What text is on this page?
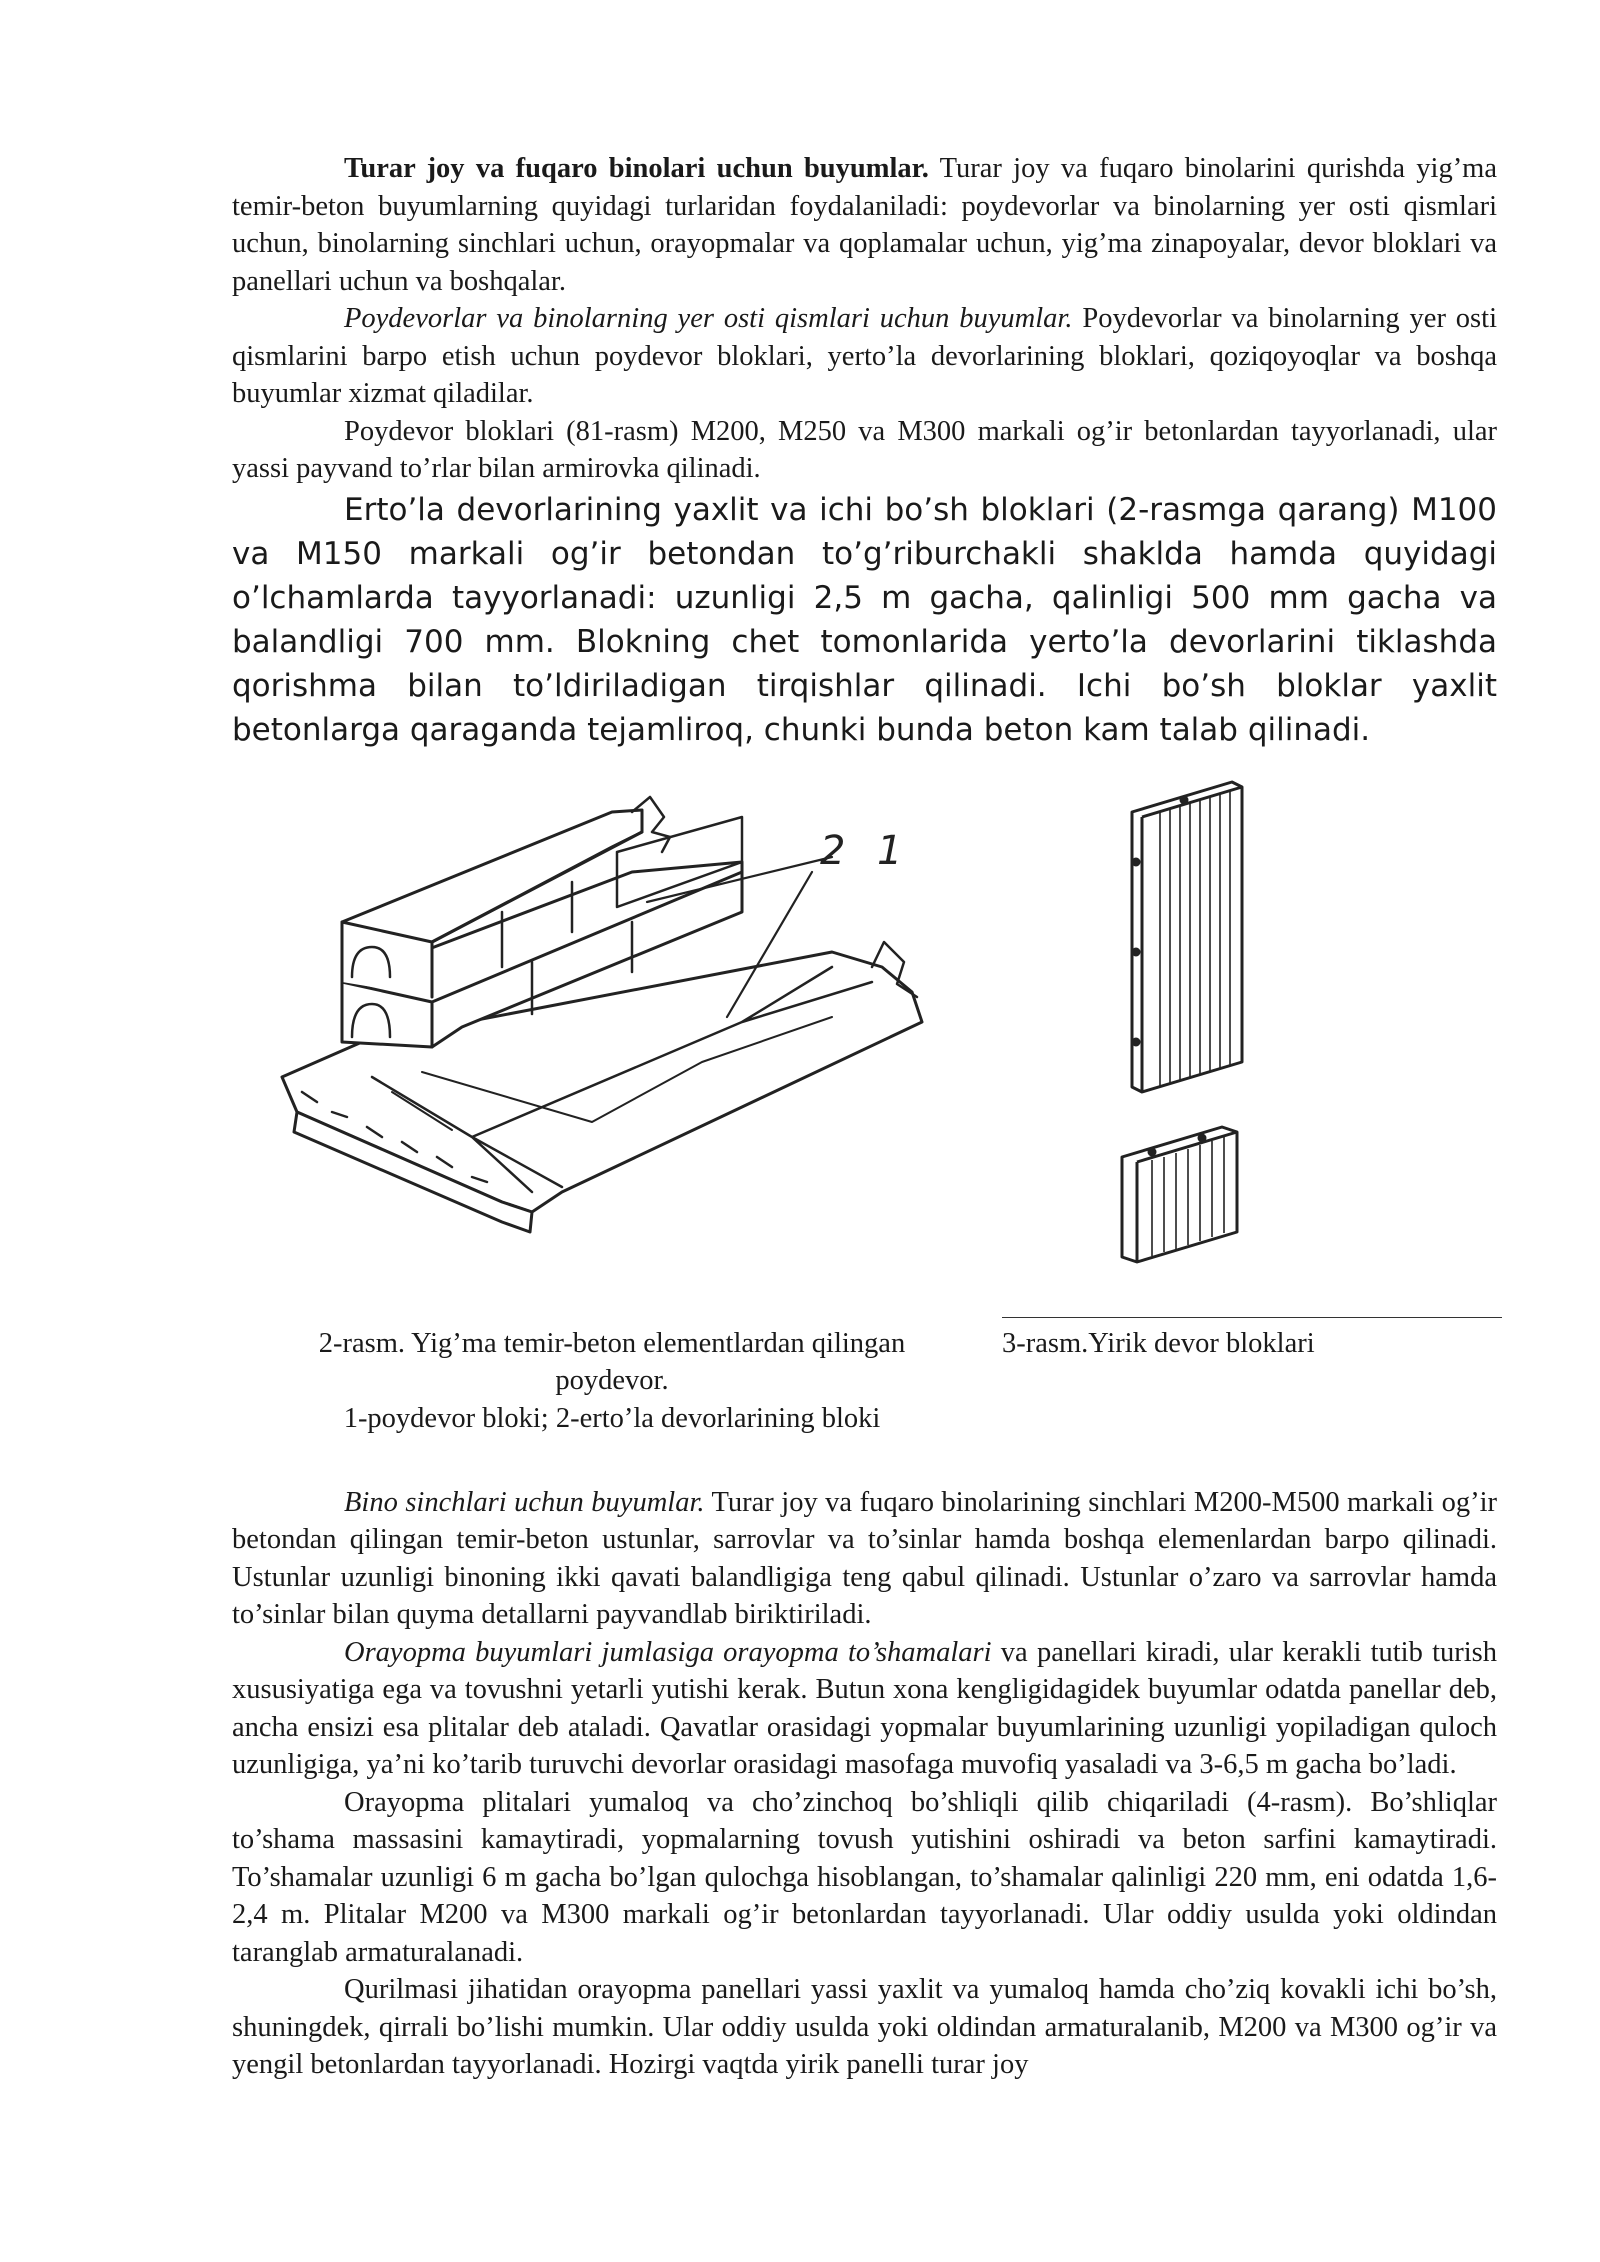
Turar joy va fuqaro binolari uchun buyumlar. Turar joy va fuqaro binolarini qurishda yig’ma temir-beton buyumlarning quyidagi turlaridan foydalaniladi: poydevorlar va binolarning yer osti qismlari uchun, binolarning sinchlari uchun, orayopmalar va qoplamalar uchun, yig’ma zinapoyalar, devor bloklari va panellari uchun va boshqalar.

Poydevorlar va binolarning yer osti qismlari uchun buyumlar. Poydevorlar va binolarning yer osti qismlarini barpo etish uchun poydevor bloklari, yerto’la devorlarining bloklari, qoziqoyoqlar va boshqa buyumlar xizmat qiladilar.

Poydevor bloklari (81-rasm) M200, M250 va M300 markali og’ir betonlardan tayyorlanadi, ular yassi payvand to’rlar bilan armirovka qilinadi.

Erto’la devorlarining yaxlit va ichi bo’sh bloklari (2-rasmga qarang) M100 va M150 markali og’ir betondan to’g’riburchakli shaklda hamda quyidagi o’lchamlarda tayyorlanadi: uzunligi 2,5 m gacha, qalinligi 500 mm gacha va balandligi 700 mm. Blokning chet tomonlarida yerto’la devorlarini tiklashda qorishma bilan to’ldiriladigan tirqishlar qilinadi. Ichi bo’sh bloklar yaxlit betonlarga qaraganda tejamliroq, chunki bunda beton kam talab qilinadi.

2 1
2-rasm. Yig’ma temir-beton elementlardan qilingan
poydevor.
1-poydevor bloki; 2-erto’la devorlarining bloki
3-rasm.Yirik devor bloklari

Bino sinchlari uchun buyumlar. Turar joy va fuqaro binolarining sinchlari M200-M500 markali og’ir betondan qilingan temir-beton ustunlar, sarrovlar va to’sinlar hamda boshqa elemenlardan barpo qilinadi. Ustunlar uzunligi binoning ikki qavati balandligiga teng qabul qilinadi. Ustunlar o’zaro va sarrovlar hamda to’sinlar bilan quyma detallarni payvandlab biriktiriladi.

Orayopma buyumlari jumlasiga orayopma to’shamalari va panellari kiradi, ular kerakli tutib turish xususiyatiga ega va tovushni yetarli yutishi kerak. Butun xona kengligidagidek buyumlar odatda panellar deb, ancha ensizi esa plitalar deb ataladi. Qavatlar orasidagi yopmalar buyumlarining uzunligi yopiladigan quloch uzunligiga, ya’ni ko’tarib turuvchi devorlar orasidagi masofaga muvofiq yasaladi va 3-6,5 m gacha bo’ladi.

Orayopma plitalari yumaloq va cho’zinchoq bo’shliqli qilib chiqariladi (4-rasm). Bo’shliqlar to’shama massasini kamaytiradi, yopmalarning tovush yutishini oshiradi va beton sarfini kamaytiradi. To’shamalar uzunligi 6 m gacha bo’lgan qulochga hisoblangan, to’shamalar qalinligi 220 mm, eni odatda 1,6-2,4 m. Plitalar M200 va M300 markali og’ir betonlardan tayyorlanadi. Ular oddiy usulda yoki oldindan taranglab armaturalanadi.

Qurilmasi jihatidan orayopma panellari yassi yaxlit va yumaloq hamda cho’ziq kovakli ichi bo’sh, shuningdek, qirrali bo’lishi mumkin. Ular oddiy usulda yoki oldindan armaturalanib, M200 va M300 og’ir va yengil betonlardan tayyorlanadi. Hozirgi vaqtda yirik panelli turar joy
